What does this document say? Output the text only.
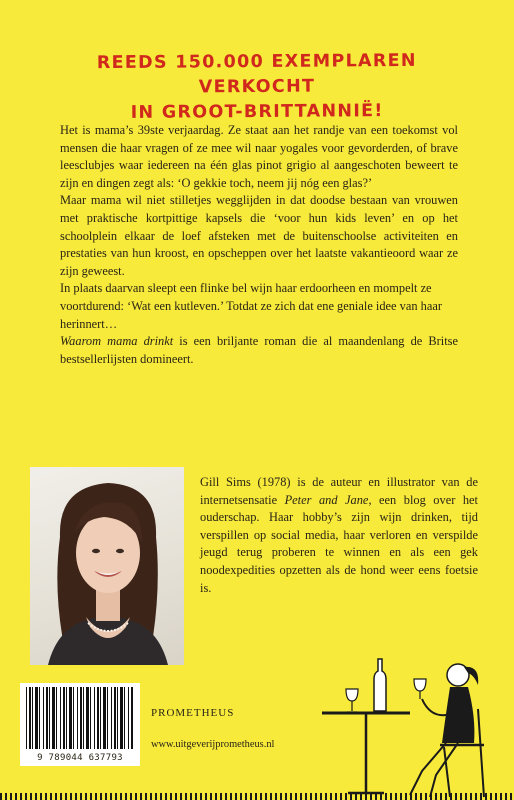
REEDS 150.000 EXEMPLAREN VERKOCHT
IN GROOT-BRITTANNIË!

Het is mama’s 39ste verjaardag. Ze staat aan het randje van een toekomst vol mensen die haar vragen of ze mee wil naar yogales voor gevorderden, of brave leesclubjes waar iedereen na één glas pinot grigio al aangeschoten beweert te zijn en dingen zegt als: ‘O gekkie toch, neem jij nóg een glas?’

Maar mama wil niet stilletjes wegglijden in dat doodse bestaan van vrouwen met praktische kortpittige kapsels die ‘voor hun kids leven’ en op het schoolplein elkaar de loef afsteken met de buitenschoolse activiteiten en prestaties van hun kroost, en opscheppen over het laatste vakantieoord waar ze zijn geweest.

In plaats daarvan sleept een flinke bel wijn haar erdoorheen en mompelt ze voortdurend: ‘Wat een kutleven.’ Totdat ze zich dat ene geniale idee van haar herinnert…

Waarom mama drinkt is een briljante roman die al maandenlang de Britse bestsellerlijsten domineert.

Gill Sims (1978) is de auteur en illustrator van de internetsensatie Peter and Jane, een blog over het ouderschap. Haar hobby’s zijn wijn drinken, tijd verspillen op social media, haar verloren en verspilde jeugd terug proberen te winnen en als een gek noodexpedities opzetten als de hond weer eens foetsie is.
9 789044 637793
PROMETHEUS
www.uitgeverijprometheus.nl
